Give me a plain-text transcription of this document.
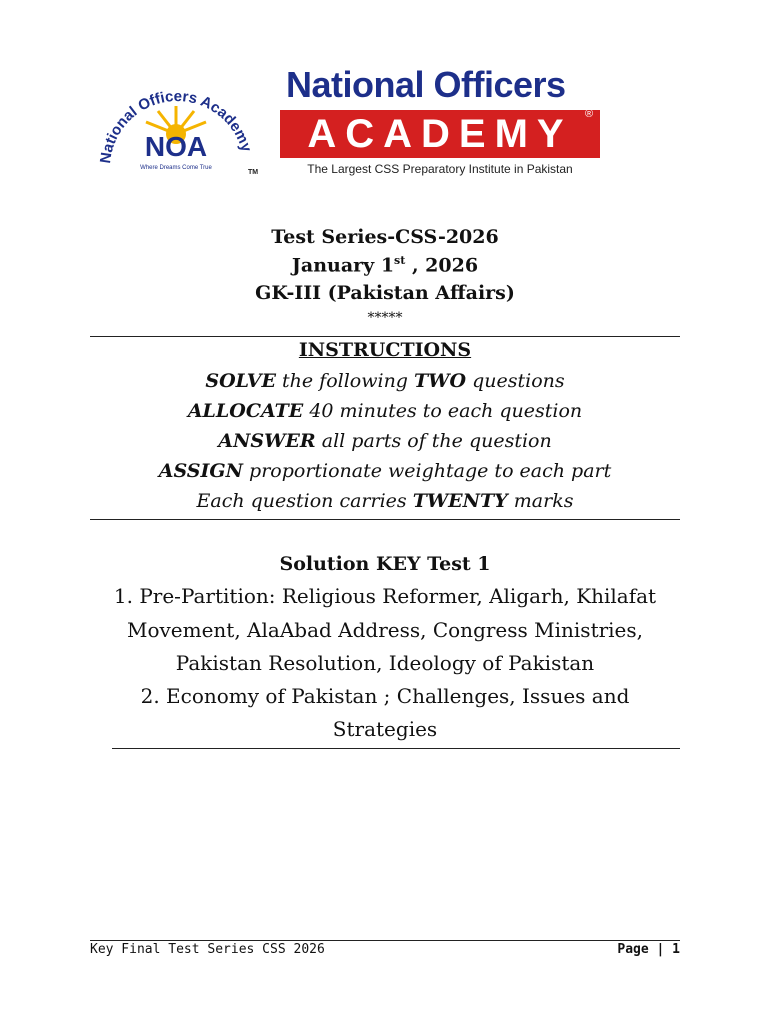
National Officers Academy
NOA
Where Dreams Come True
TM
National Officers
ACADEMY	®
The Largest CSS Preparatory Institute in Pakistan
Test Series-CSS-2026
January 1st , 2026
GK-III (Pakistan Affairs)
*****
INSTRUCTIONS
SOLVE the following TWO questions
ALLOCATE 40 minutes to each question
ANSWER all parts of the question
ASSIGN proportionate weightage to each part
Each question carries TWENTY marks
Solution KEY Test 1
1. Pre-Partition: Religious Reformer, Aligarh, Khilafat
Movement, AlaAbad Address, Congress Ministries,
Pakistan Resolution, Ideology of Pakistan
2. Economy of Pakistan ; Challenges, Issues and
Strategies
Key Final Test Series CSS 2026	Page | 1
